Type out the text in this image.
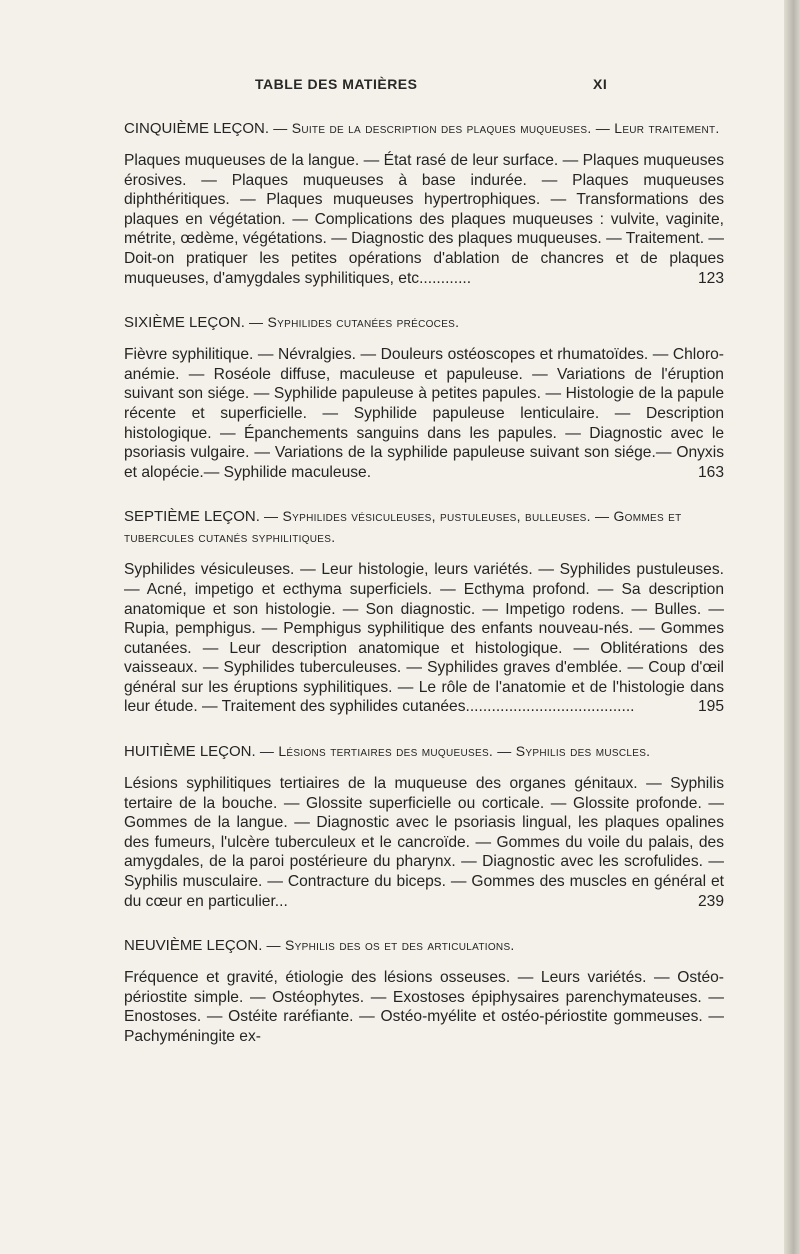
TABLE DES MATIÈRES	XI
CINQUIÈME LEÇON. — Suite de la description des plaques muqueuses. — Leur traitement.
Plaques muqueuses de la langue. — État rasé de leur surface. — Plaques muqueuses érosives. — Plaques muqueuses à base indurée. — Plaques muqueuses diphthéritiques. — Plaques muqueuses hypertrophiques. — Transformations des plaques en végétation. — Complications des plaques muqueuses : vulvite, vaginite, métrite, œdème, végétations. — Diagnostic des plaques muqueuses. — Traitement. — Doit-on pratiquer les petites opérations d'ablation de chancres et de plaques muqueuses, d'amygdales syphilitiques, etc............	123
SIXIÈME LEÇON. — Syphilides cutanées précoces.
Fièvre syphilitique. — Névralgies. — Douleurs ostéoscopes et rhumatoïdes. — Chloro-anémie. — Roséole diffuse, maculeuse et papuleuse. — Variations de l'éruption suivant son siége. — Syphilide papuleuse à petites papules. — Histologie de la papule récente et superficielle. — Syphilide papuleuse lenticulaire. — Description histologique. — Épanchements sanguins dans les papules. — Diagnostic avec le psoriasis vulgaire. — Variations de la syphilide papuleuse suivant son siége.— Onyxis et alopécie.— Syphilide maculeuse.	163
SEPTIÈME LEÇON. — Syphilides vésiculeuses, pustuleuses, bulleuses. — Gommes et tubercules cutanés syphilitiques.
Syphilides vésiculeuses. — Leur histologie, leurs variétés. — Syphilides pustuleuses. — Acné, impetigo et ecthyma superficiels. — Ecthyma profond. — Sa description anatomique et son histologie. — Son diagnostic. — Impetigo rodens. — Bulles. — Rupia, pemphigus. — Pemphigus syphilitique des enfants nouveau-nés. — Gommes cutanées. — Leur description anatomique et histologique. — Oblitérations des vaisseaux. — Syphilides tuberculeuses. — Syphilides graves d'emblée. — Coup d'œil général sur les éruptions syphilitiques. — Le rôle de l'anatomie et de l'histologie dans leur étude. — Traitement des syphilides cutanées.......................................	195
HUITIÈME LEÇON. — Lésions tertiaires des muqueuses. — Syphilis des muscles.
Lésions syphilitiques tertiaires de la muqueuse des organes génitaux. — Syphilis tertaire de la bouche. — Glossite superficielle ou corticale. — Glossite profonde. — Gommes de la langue. — Diagnostic avec le psoriasis lingual, les plaques opalines des fumeurs, l'ulcère tuberculeux et le cancroïde. — Gommes du voile du palais, des amygdales, de la paroi postérieure du pharynx. — Diagnostic avec les scrofulides. — Syphilis musculaire. — Contracture du biceps. — Gommes des muscles en général et du cœur en particulier...	239
NEUVIÈME LEÇON. — Syphilis des os et des articulations.
Fréquence et gravité, étiologie des lésions osseuses. — Leurs variétés. — Ostéo-périostite simple. — Ostéophytes. — Exostoses épiphysaires parenchymateuses. — Enostoses. — Ostéite raréfiante. — Ostéo-myélite et ostéo-périostite gommeuses. — Pachyméningite ex-
